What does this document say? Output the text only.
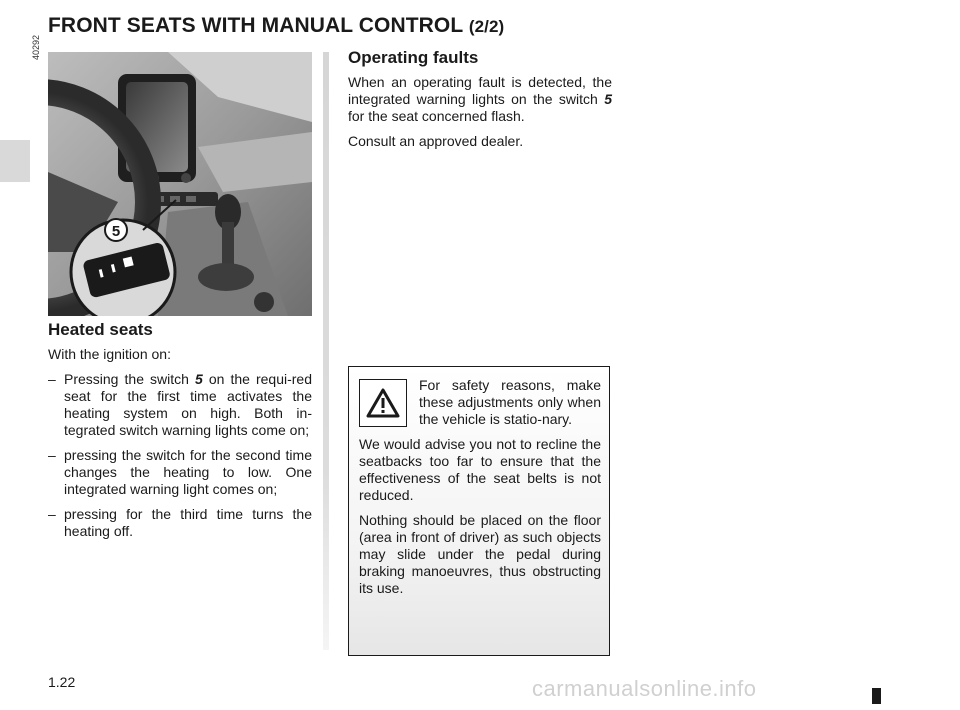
FRONT SEATS WITH MANUAL CONTROL (2/2)
40292
5
Heated seats

With the ignition on:

– Pressing the switch 5 on the requi-red seat for the first time activates the heating system on high. Both in-tegrated switch warning lights come on;
– pressing the switch for the second time changes the heating to low. One integrated warning light comes on;
– pressing for the third time turns the heating off.
Operating faults

When an operating fault is detected, the integrated warning lights on the switch 5 for the seat concerned flash.

Consult an approved dealer.

For safety reasons, make these adjustments only when the vehicle is statio-nary.

We would advise you not to recline the seatbacks too far to ensure that the effectiveness of the seat belts is not reduced.

Nothing should be placed on the floor (area in front of driver) as such objects may slide under the pedal during braking manoeuvres, thus obstructing its use.

1.22	carmanualsonline.info
